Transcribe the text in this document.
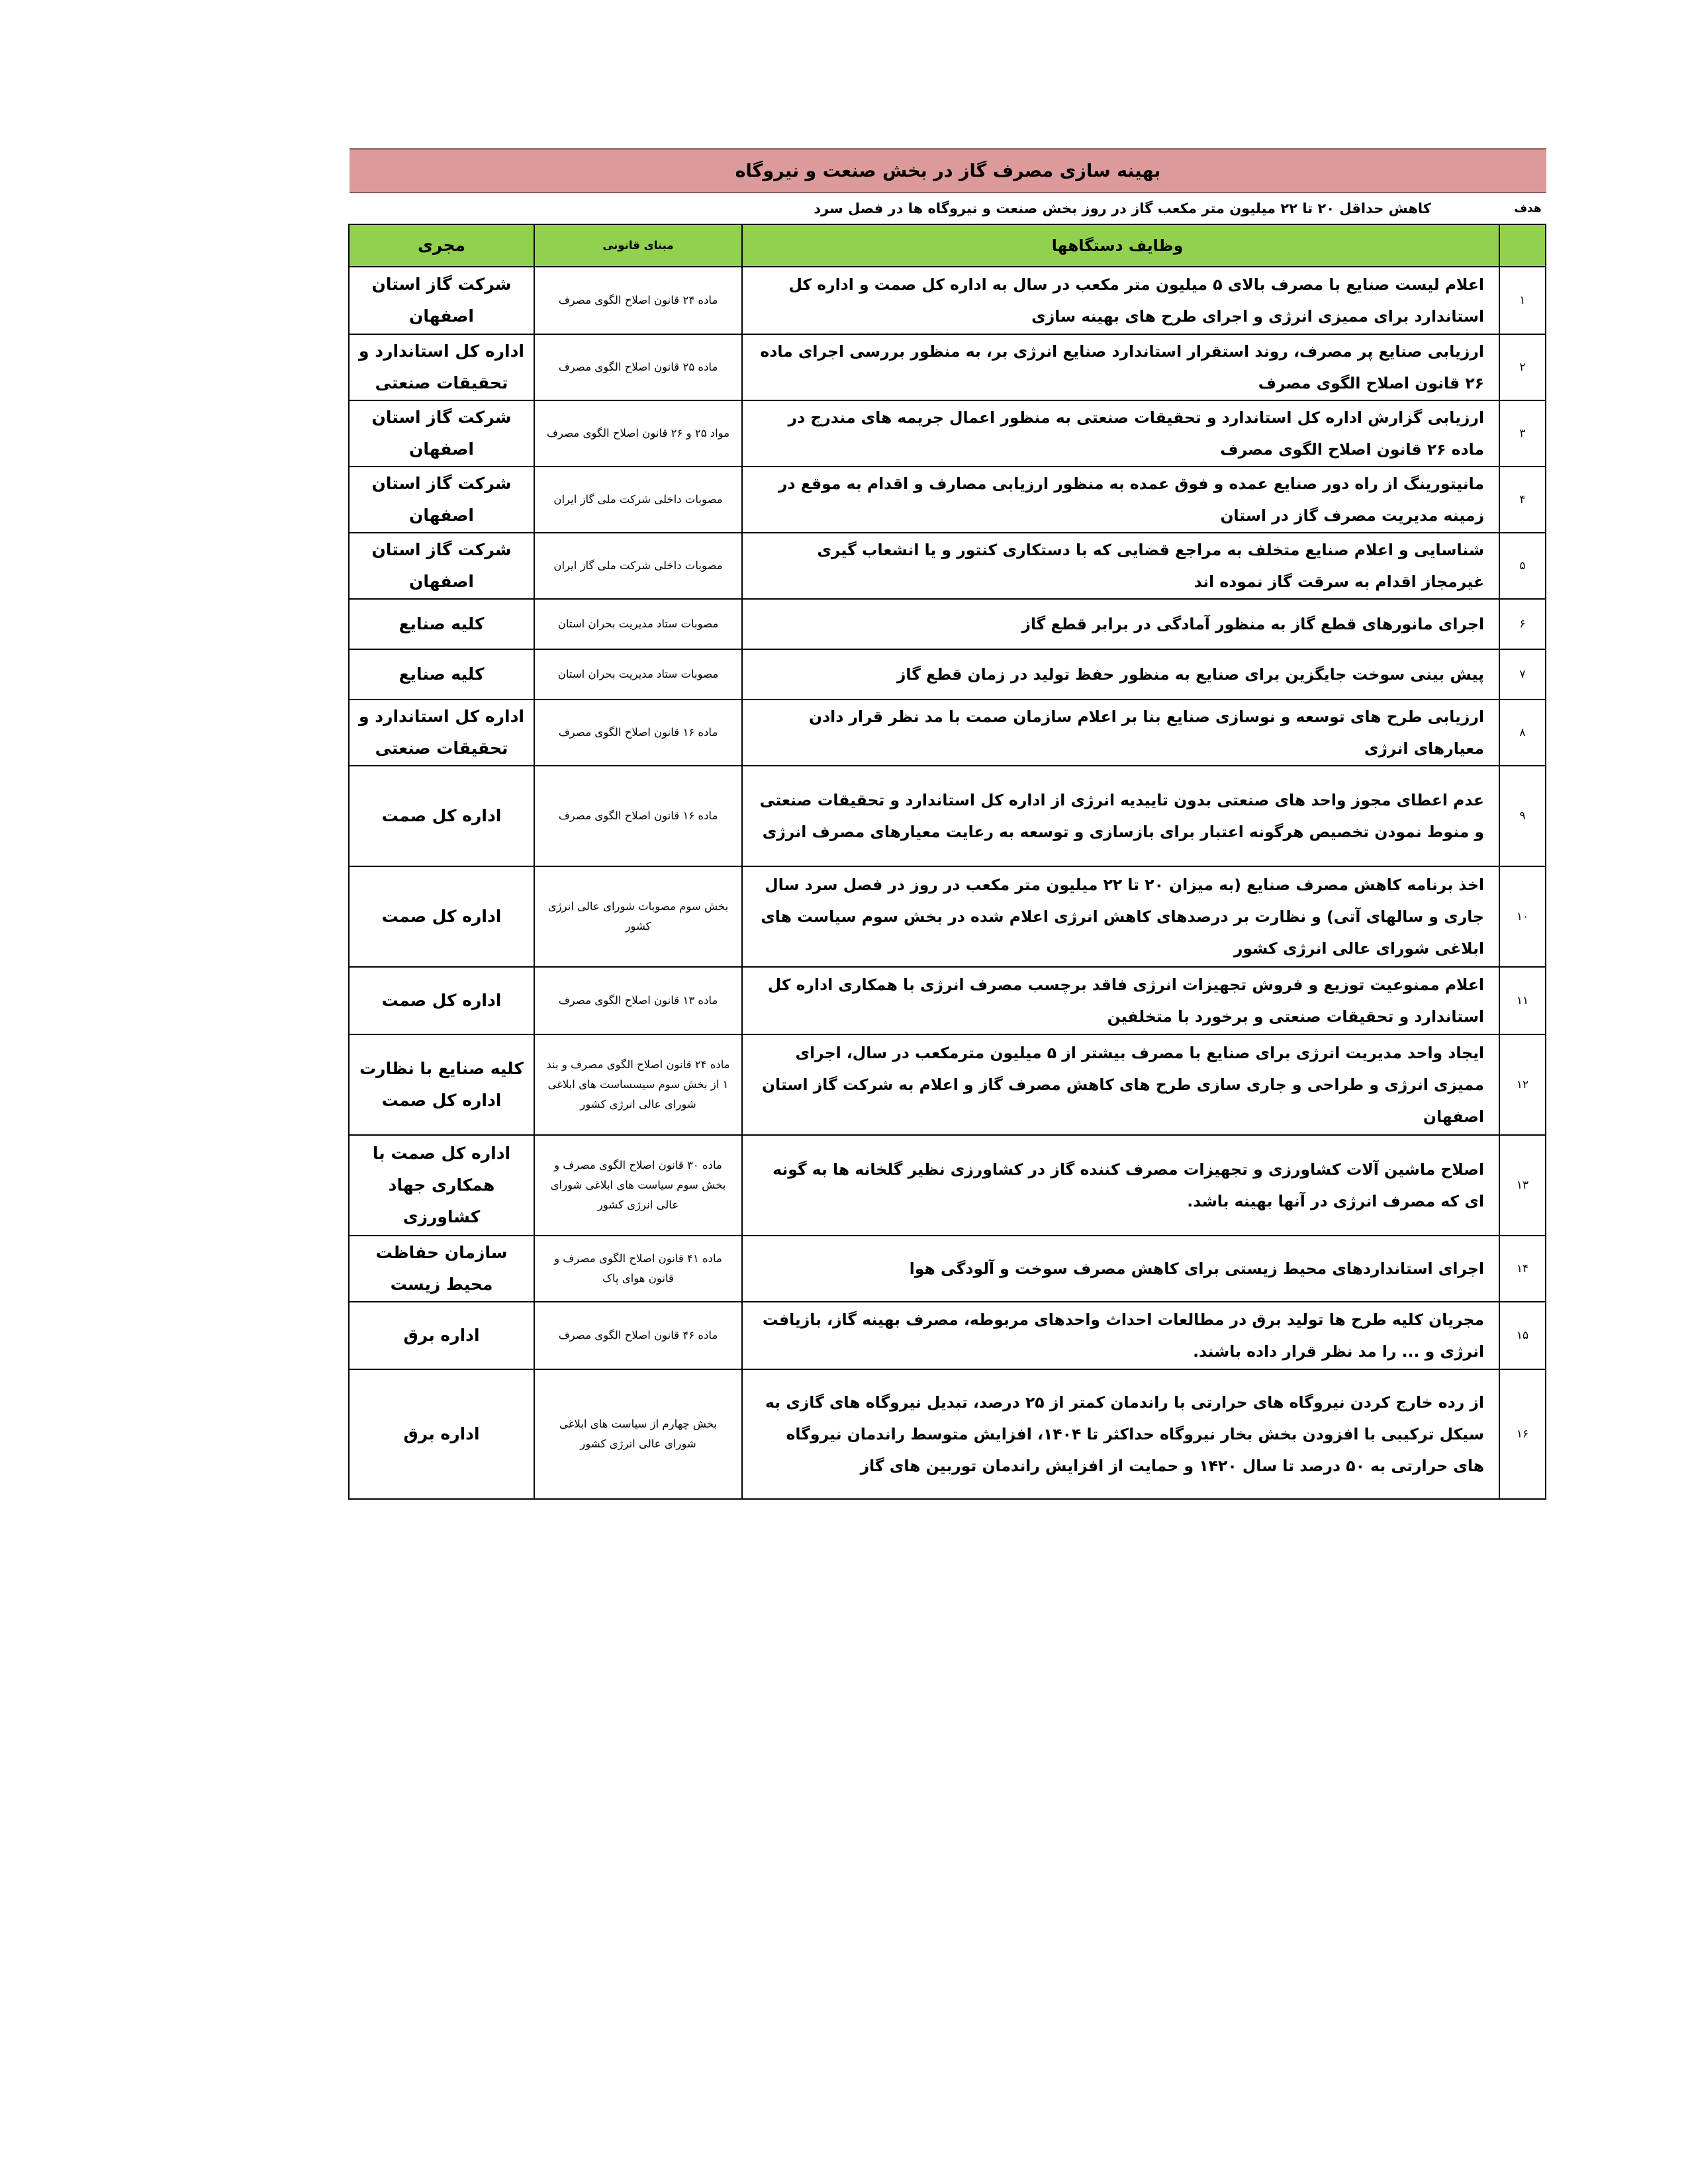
بهینه سازی مصرف گاز در بخش صنعت و نیروگاه
هدف
کاهش حداقل ۲۰ تا ۲۲ میلیون متر مکعب گاز در روز بخش صنعت و نیروگاه ها در فصل سرد
	وظایف دستگاهها	مبنای قانونی	مجری
۱	اعلام لیست صنایع با مصرف بالای ۵ میلیون متر مکعب در سال به اداره کل صمت و اداره کل استاندارد برای ممیزی انرژی و اجرای طرح های بهینه سازی	ماده ۲۴ قانون اصلاح الگوی مصرف	شرکت گاز استان اصفهان
۲	ارزیابی صنایع پر مصرف، روند استقرار استاندارد صنایع انرژی بر، به منظور بررسی اجرای ماده ۲۶ قانون اصلاح الگوی مصرف	ماده ۲۵ قانون اصلاح الگوی مصرف	اداره کل استاندارد و تحقیقات صنعتی
۳	ارزیابی گزارش اداره کل استاندارد و تحقیقات صنعتی به منظور اعمال جریمه های مندرج در ماده ۲۶ قانون اصلاح الگوی مصرف	مواد ۲۵ و ۲۶ قانون اصلاح الگوی مصرف	شرکت گاز استان اصفهان
۴	مانیتورینگ از راه دور صنایع عمده و فوق عمده به منظور ارزیابی مصارف و اقدام به موقع در زمینه مدیریت مصرف گاز در استان	مصوبات داخلی شرکت ملی گاز ایران	شرکت گاز استان اصفهان
۵	شناسایی و اعلام صنایع متخلف به مراجع قضایی که با دستکاری کنتور و یا انشعاب گیری غیرمجاز اقدام به سرقت گاز نموده اند	مصوبات داخلی شرکت ملی گاز ایران	شرکت گاز استان اصفهان
۶	اجرای مانورهای قطع گاز به منظور آمادگی در برابر قطع گاز	مصوبات ستاد مدیریت بحران استان	کلیه صنایع
۷	پیش بینی سوخت جایگزین برای صنایع به منظور حفظ تولید در زمان قطع گاز	مصوبات ستاد مدیریت بحران استان	کلیه صنایع
۸	ارزیابی طرح های توسعه و نوسازی صنایع بنا بر اعلام سازمان صمت با مد نظر قرار دادن معیارهای انرژی	ماده ۱۶ قانون اصلاح الگوی مصرف	اداره کل استاندارد و تحقیقات صنعتی
۹	عدم اعطای مجوز واحد های صنعتی بدون تاییدیه انرژی از اداره کل استاندارد و تحقیقات صنعتی و منوط نمودن تخصیص هرگونه اعتبار برای بازسازی و توسعه به رعایت معیارهای مصرف انرژی	ماده ۱۶ قانون اصلاح الگوی مصرف	اداره کل صمت
۱۰	اخذ برنامه کاهش مصرف صنایع (به میزان ۲۰ تا ۲۲ میلیون متر مکعب در روز در فصل سرد سال جاری و سالهای آتی) و نظارت بر درصدهای کاهش انرژی اعلام شده در بخش سوم سیاست های ابلاغی شورای عالی انرژی کشور	بخش سوم مصوبات شورای عالی انرژی کشور	اداره کل صمت
۱۱	اعلام ممنوعیت توزیع و فروش تجهیزات انرژی فاقد برچسب مصرف انرژی با همکاری اداره کل استاندارد و تحقیقات صنعتی و برخورد با متخلفین	ماده ۱۳ قانون اصلاح الگوی مصرف	اداره کل صمت
۱۲	ایجاد واحد مدیریت انرژی برای صنایع با مصرف بیشتر از ۵ میلیون مترمکعب در سال، اجرای ممیزی انرژی و طراحی و جاری سازی طرح های کاهش مصرف گاز و اعلام به شرکت گاز استان اصفهان	ماده ۲۴ قانون اصلاح الگوی مصرف و بند ۱ از بخش سوم سیسساست های ابلاغی شورای عالی انرژی کشور	کلیه صنایع با نظارت اداره کل صمت
۱۳	اصلاح ماشین آلات کشاورزی و تجهیزات مصرف کننده گاز در کشاورزی نظیر گلخانه ها به گونه ای که مصرف انرژی در آنها بهینه باشد.	ماده ۳۰ قانون اصلاح الگوی مصرف و بخش سوم سیاست های ابلاغی شورای عالی انرژی کشور	اداره کل صمت با همکاری جهاد کشاورزی
۱۴	اجرای استانداردهای محیط زیستی برای کاهش مصرف سوخت و آلودگی هوا	ماده ۴۱ قانون اصلاح الگوی مصرف و قانون هوای پاک	سازمان حفاظت محیط زیست
۱۵	مجریان کلیه طرح ها تولید برق در مطالعات احداث واحدهای مربوطه، مصرف بهینه گاز، بازیافت انرژی و ... را مد نظر قرار داده باشند.	ماده ۴۶ قانون اصلاح الگوی مصرف	اداره برق
۱۶	از رده خارج کردن نیروگاه های حرارتی با راندمان کمتر از ۲۵ درصد، تبدیل نیروگاه های گازی به سیکل ترکیبی با افزودن بخش بخار نیروگاه حداکثر تا ۱۴۰۴، افزایش متوسط راندمان نیروگاه های حرارتی به ۵۰ درصد تا سال ۱۴۲۰ و حمایت از افزایش راندمان توربین های گاز	بخش چهارم از سیاست های ابلاغی شورای عالی انرژی کشور	اداره برق
